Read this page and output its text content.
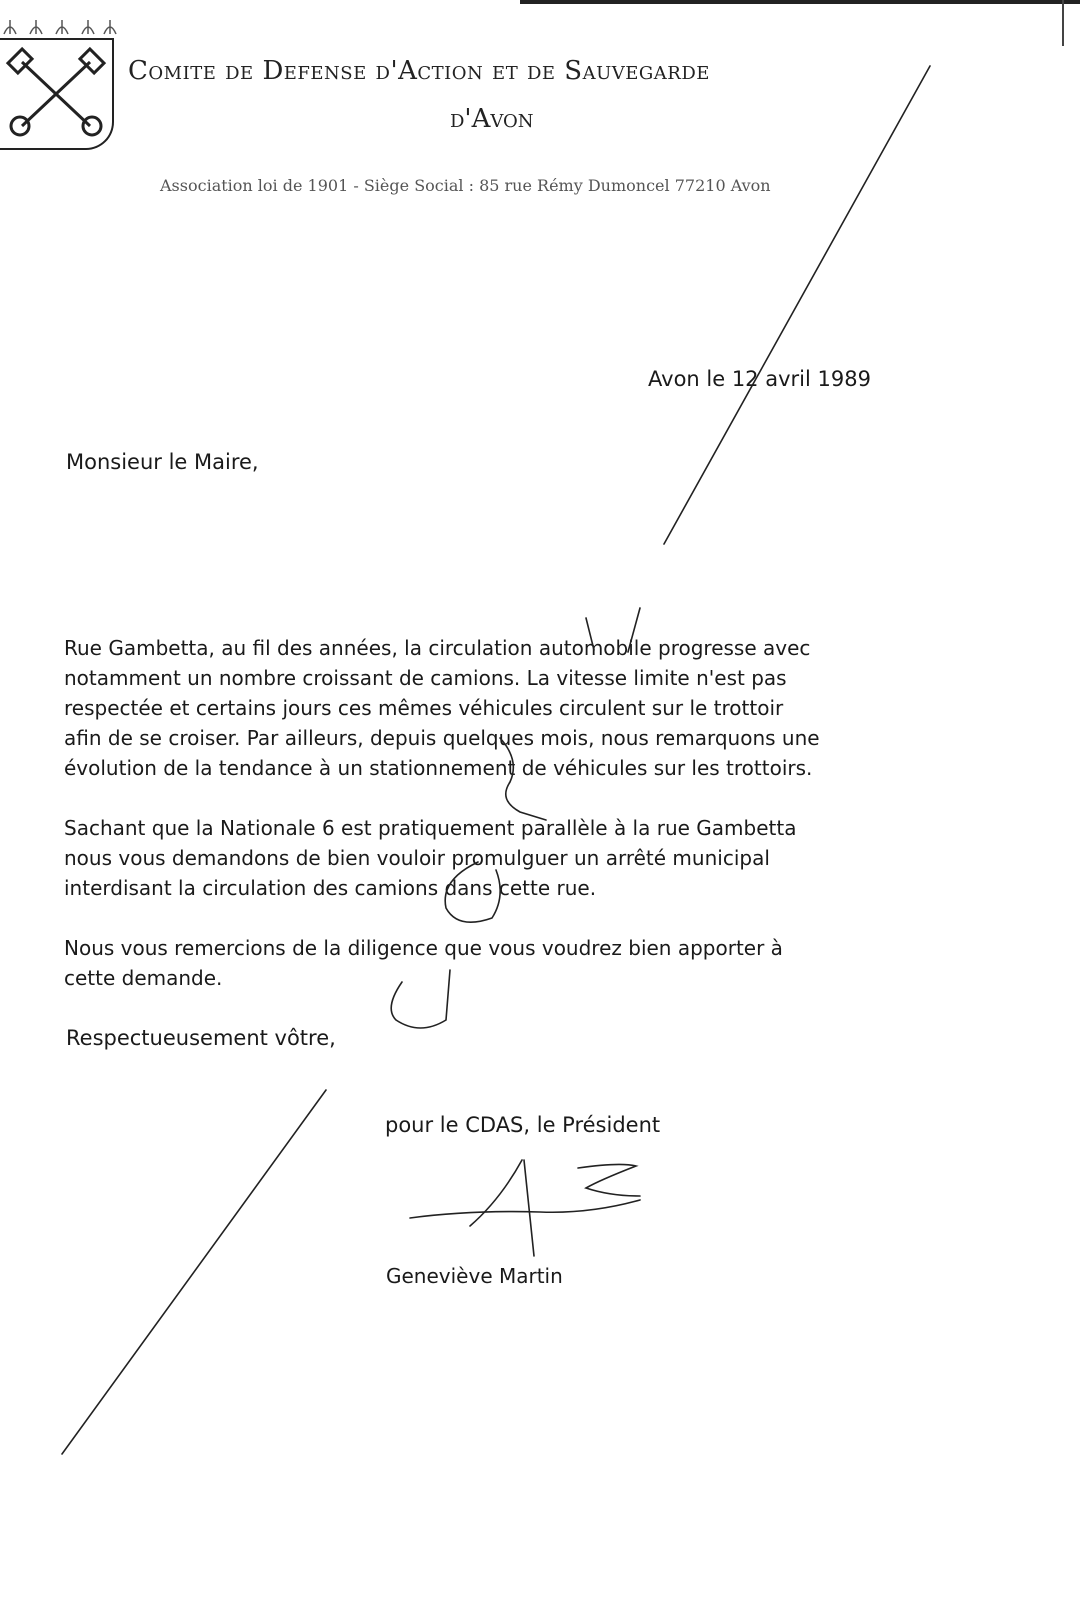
Comite de Defense d'Action et de Sauvegarde
d'Avon
Association loi de 1901 - Siège Social : 85 rue Rémy Dumoncel 77210 Avon
Avon le 12 avril 1989
Monsieur le Maire,

Rue Gambetta, au fil des années, la circulation automobile progresse avec
notamment un nombre croissant de camions. La vitesse limite n'est pas
respectée et certains jours ces mêmes véhicules circulent sur le trottoir
afin de se croiser. Par ailleurs, depuis quelques mois, nous remarquons une
évolution de la tendance à un stationnement de véhicules sur les trottoirs.

Sachant que la Nationale 6 est pratiquement parallèle à la rue Gambetta
nous vous demandons de bien vouloir promulguer un arrêté municipal
interdisant la circulation des camions dans cette rue.

Nous vous remercions de la diligence que vous voudrez bien apporter à
cette demande.

Respectueusement vôtre,
pour le CDAS, le Président
Geneviève Martin
